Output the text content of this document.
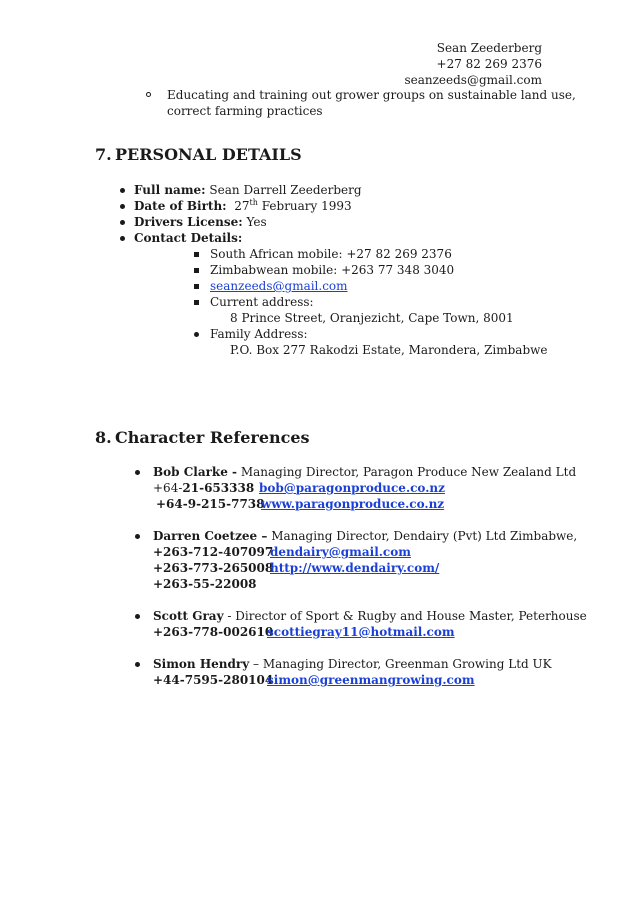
Sean Zeederberg
+27 82 269 2376
seanzeeds@gmail.com
Educating and training out grower groups on sustainable land use,
correct farming practices
7. PERSONAL DETAILS
Full name: Sean Darrell Zeederberg
Date of Birth: 27th February 1993
Drivers License: Yes
Contact Details:
South African mobile: +27 82 269 2376
Zimbabwean mobile: +263 77 348 3040
seanzeeds@gmail.com
Current address:
8 Prince Street, Oranjezicht, Cape Town, 8001
Family Address:
P.O. Box 277 Rakodzi Estate, Marondera, Zimbabwe
8. Character References
Bob Clarke - Managing Director, Paragon Produce New Zealand Ltd
+64-21-653338 bob@paragonproduce.co.nz
+64-9-215-7738
www.paragonproduce.co.nz
Darren Coetzee – Managing Director, Dendairy (Pvt) Ltd Zimbabwe,
+263-712-407097
dendairy@gmail.com
+263-773-265008
http://www.dendairy.com/
+263-55-22008
Scott Gray - Director of Sport & Rugby and House Master, Peterhouse
+263-778-002610
scottiegray11@hotmail.com
Simon Hendry – Managing Director, Greenman Growing Ltd UK
+44-7595-280104
simon@greenmangrowing.com
